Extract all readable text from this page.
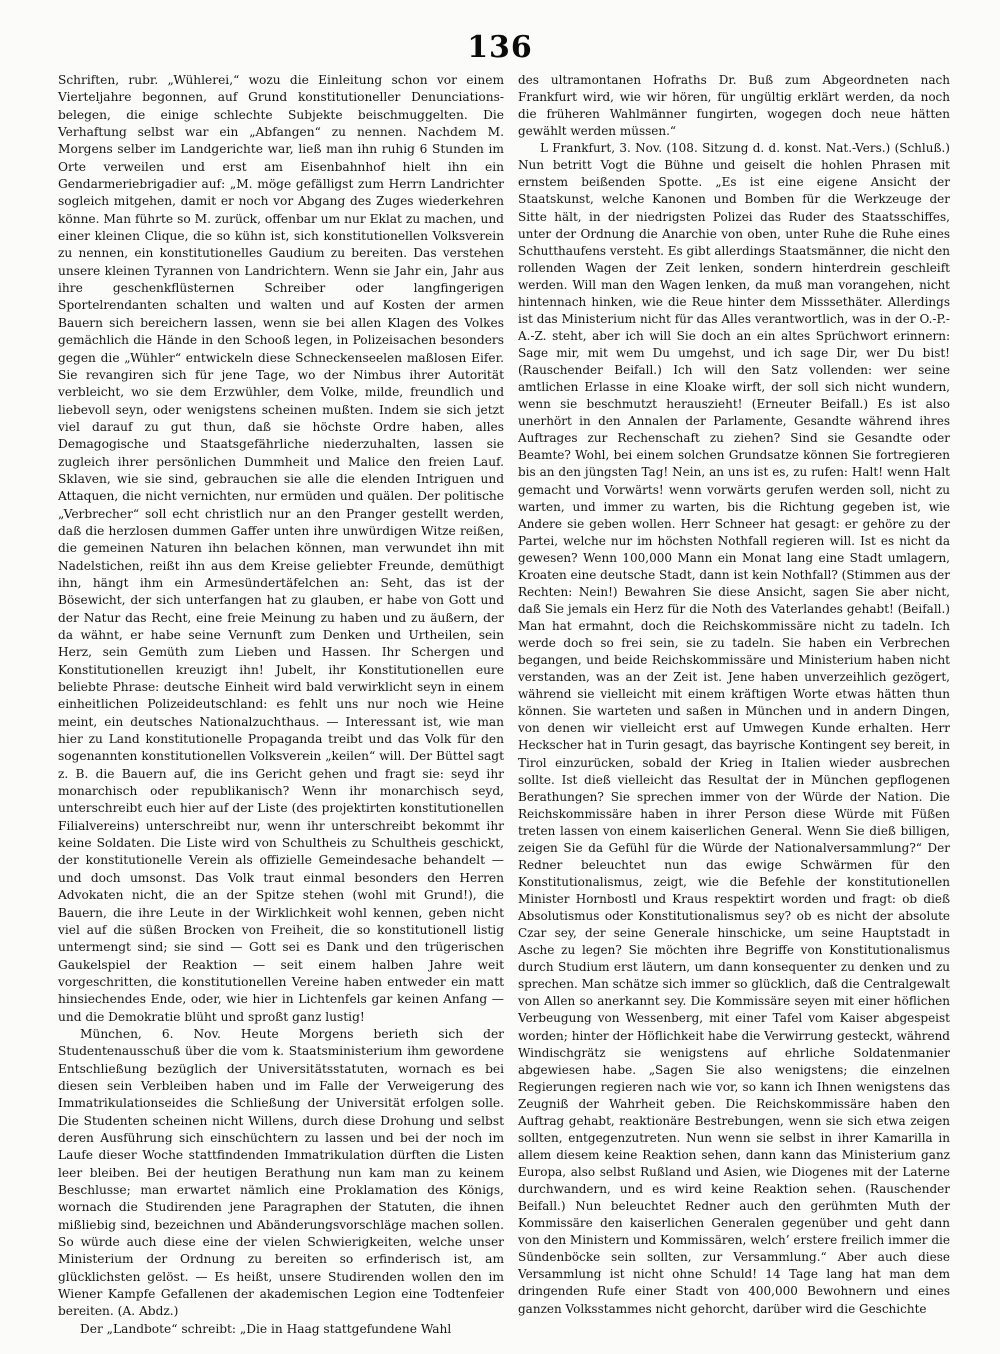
136

Schriften, rubr. „Wühlerei,“ wozu die Einleitung schon vor einem Vierteljahre begonnen, auf Grund konstitutioneller Denunciations-belegen, die einige schlechte Subjekte beischmuggelten. Die Verhaftung selbst war ein „Abfangen“ zu nennen. Nachdem M. Morgens selber im Landgerichte war, ließ man ihn ruhig 6 Stunden im Orte verweilen und erst am Eisenbahnhof hielt ihn ein Gendarmeriebrigadier auf: „M. möge gefälligst zum Herrn Landrichter sogleich mitgehen, damit er noch vor Abgang des Zuges wiederkehren könne. Man führte so M. zurück, offenbar um nur Eklat zu machen, und einer kleinen Clique, die so kühn ist, sich konstitutionellen Volksverein zu nennen, ein konstitutionelles Gaudium zu bereiten. Das verstehen unsere kleinen Tyrannen von Landrichtern. Wenn sie Jahr ein, Jahr aus ihre geschenkflüsternen Schreiber oder langfingerigen Sportelrendanten schalten und walten und auf Kosten der armen Bauern sich bereichern lassen, wenn sie bei allen Klagen des Volkes gemächlich die Hände in den Schooß legen, in Polizeisachen besonders gegen die „Wühler“ entwickeln diese Schneckenseelen maßlosen Eifer. Sie revangiren sich für jene Tage, wo der Nimbus ihrer Autorität verbleicht, wo sie dem Erzwühler, dem Volke, milde, freundlich und liebevoll seyn, oder wenigstens scheinen mußten. Indem sie sich jetzt viel darauf zu gut thun, daß sie höchste Ordre haben, alles Demagogische und Staatsgefährliche niederzuhalten, lassen sie zugleich ihrer persönlichen Dummheit und Malice den freien Lauf. Sklaven, wie sie sind, gebrauchen sie alle die elenden Intriguen und Attaquen, die nicht vernichten, nur ermüden und quälen. Der politische „Verbrecher“ soll echt christlich nur an den Pranger gestellt werden, daß die herzlosen dummen Gaffer unten ihre unwürdigen Witze reißen, die gemeinen Naturen ihn belachen können, man verwundet ihn mit Nadelstichen, reißt ihn aus dem Kreise geliebter Freunde, demüthigt ihn, hängt ihm ein Armesündertäfelchen an: Seht, das ist der Bösewicht, der sich unterfangen hat zu glauben, er habe von Gott und der Natur das Recht, eine freie Meinung zu haben und zu äußern, der da wähnt, er habe seine Vernunft zum Denken und Urtheilen, sein Herz, sein Gemüth zum Lieben und Hassen. Ihr Schergen und Konstitutionellen kreuzigt ihn! Jubelt, ihr Konstitutionellen eure beliebte Phrase: deutsche Einheit wird bald verwirklicht seyn in einem einheitlichen Polizeideutschland: es fehlt uns nur noch wie Heine meint, ein deutsches Nationalzuchthaus. — Interessant ist, wie man hier zu Land konstitutionelle Propaganda treibt und das Volk für den sogenannten konstitutionellen Volksverein „keilen“ will. Der Büttel sagt z. B. die Bauern auf, die ins Gericht gehen und fragt sie: seyd ihr monarchisch oder republikanisch? Wenn ihr monarchisch seyd, unterschreibt euch hier auf der Liste (des projektirten konstitutionellen Filialvereins) unterschreibt nur, wenn ihr unterschreibt bekommt ihr keine Soldaten. Die Liste wird von Schultheis zu Schultheis geschickt, der konstitutionelle Verein als offizielle Gemeindesache behandelt — und doch umsonst. Das Volk traut einmal besonders den Herren Advokaten nicht, die an der Spitze stehen (wohl mit Grund!), die Bauern, die ihre Leute in der Wirklichkeit wohl kennen, geben nicht viel auf die süßen Brocken von Freiheit, die so konstitutionell listig untermengt sind; sie sind — Gott sei es Dank und den trügerischen Gaukelspiel der Reaktion — seit einem halben Jahre weit vorgeschritten, die konstitutionellen Vereine haben entweder ein matt hinsiechendes Ende, oder, wie hier in Lichtenfels gar keinen Anfang — und die Demokratie blüht und sproßt ganz lustig!

München, 6. Nov. Heute Morgens berieth sich der Studentenausschuß über die vom k. Staatsministerium ihm gewordene Entschließung bezüglich der Universitätsstatuten, wornach es bei diesen sein Verbleiben haben und im Falle der Verweigerung des Immatrikulationseides die Schließung der Universität erfolgen solle. Die Studenten scheinen nicht Willens, durch diese Drohung und selbst deren Ausführung sich einschüchtern zu lassen und bei der noch im Laufe dieser Woche stattfindenden Immatrikulation dürften die Listen leer bleiben. Bei der heutigen Berathung nun kam man zu keinem Beschlusse; man erwartet nämlich eine Proklamation des Königs, wornach die Studirenden jene Paragraphen der Statuten, die ihnen mißliebig sind, bezeichnen und Abänderungsvorschläge machen sollen. So würde auch diese eine der vielen Schwierigkeiten, welche unser Ministerium der Ordnung zu bereiten so erfinderisch ist, am glücklichsten gelöst. — Es heißt, unsere Studirenden wollen den im Wiener Kampfe Gefallenen der akademischen Legion eine Todtenfeier bereiten. (A. Abdz.)

Der „Landbote“ schreibt: „Die in Haag stattgefundene Wahl

des ultramontanen Hofraths Dr. Buß zum Abgeordneten nach Frankfurt wird, wie wir hören, für ungültig erklärt werden, da noch die früheren Wahlmänner fungirten, wogegen doch neue hätten gewählt werden müssen.“

L Frankfurt, 3. Nov. (108. Sitzung d. d. konst. Nat.-Vers.) (Schluß.) Nun betritt Vogt die Bühne und geiselt die hohlen Phrasen mit ernstem beißenden Spotte. „Es ist eine eigene Ansicht der Staatskunst, welche Kanonen und Bomben für die Werkzeuge der Sitte hält, in der niedrigsten Polizei das Ruder des Staatsschiffes, unter der Ordnung die Anarchie von oben, unter Ruhe die Ruhe eines Schutthaufens versteht. Es gibt allerdings Staatsmänner, die nicht den rollenden Wagen der Zeit lenken, sondern hinterdrein geschleift werden. Will man den Wagen lenken, da muß man vorangehen, nicht hintennach hinken, wie die Reue hinter dem Misssethäter. Allerdings ist das Ministerium nicht für das Alles verantwortlich, was in der O.-P.-A.-Z. steht, aber ich will Sie doch an ein altes Sprüchwort erinnern: Sage mir, mit wem Du umgehst, und ich sage Dir, wer Du bist! (Rauschender Beifall.) Ich will den Satz vollenden: wer seine amtlichen Erlasse in eine Kloake wirft, der soll sich nicht wundern, wenn sie beschmutzt herauszieht! (Erneuter Beifall.) Es ist also unerhört in den Annalen der Parlamente, Gesandte während ihres Auftrages zur Rechenschaft zu ziehen? Sind sie Gesandte oder Beamte? Wohl, bei einem solchen Grundsatze können Sie fortregieren bis an den jüngsten Tag! Nein, an uns ist es, zu rufen: Halt! wenn Halt gemacht und Vorwärts! wenn vorwärts gerufen werden soll, nicht zu warten, und immer zu warten, bis die Richtung gegeben ist, wie Andere sie geben wollen. Herr Schneer hat gesagt: er gehöre zu der Partei, welche nur im höchsten Nothfall regieren will. Ist es nicht da gewesen? Wenn 100,000 Mann ein Monat lang eine Stadt umlagern, Kroaten eine deutsche Stadt, dann ist kein Nothfall? (Stimmen aus der Rechten: Nein!) Bewahren Sie diese Ansicht, sagen Sie aber nicht, daß Sie jemals ein Herz für die Noth des Vaterlandes gehabt! (Beifall.) Man hat ermahnt, doch die Reichskommissäre nicht zu tadeln. Ich werde doch so frei sein, sie zu tadeln. Sie haben ein Verbrechen begangen, und beide Reichskommissäre und Ministerium haben nicht verstanden, was an der Zeit ist. Jene haben unverzeihlich gezögert, während sie vielleicht mit einem kräftigen Worte etwas hätten thun können. Sie warteten und saßen in München und in andern Dingen, von denen wir vielleicht erst auf Umwegen Kunde erhalten. Herr Heckscher hat in Turin gesagt, das bayrische Kontingent sey bereit, in Tirol einzurücken, sobald der Krieg in Italien wieder ausbrechen sollte. Ist dieß vielleicht das Resultat der in München gepflogenen Berathungen? Sie sprechen immer von der Würde der Nation. Die Reichskommissäre haben in ihrer Person diese Würde mit Füßen treten lassen von einem kaiserlichen General. Wenn Sie dieß billigen, zeigen Sie da Gefühl für die Würde der Nationalversammlung?“ Der Redner beleuchtet nun das ewige Schwärmen für den Konstitutionalismus, zeigt, wie die Befehle der konstitutionellen Minister Hornbostl und Kraus respektirt worden und fragt: ob dieß Absolutismus oder Konstitutionalismus sey? ob es nicht der absolute Czar sey, der seine Generale hinschicke, um seine Hauptstadt in Asche zu legen? Sie möchten ihre Begriffe von Konstitutionalismus durch Studium erst läutern, um dann konsequenter zu denken und zu sprechen. Man schätze sich immer so glücklich, daß die Centralgewalt von Allen so anerkannt sey. Die Kommissäre seyen mit einer höflichen Verbeugung von Wessenberg, mit einer Tafel vom Kaiser abgespeist worden; hinter der Höflichkeit habe die Verwirrung gesteckt, während Windischgrätz sie wenigstens auf ehrliche Soldatenmanier abgewiesen habe. „Sagen Sie also wenigstens; die einzelnen Regierungen regieren nach wie vor, so kann ich Ihnen wenigstens das Zeugniß der Wahrheit geben. Die Reichskommissäre haben den Auftrag gehabt, reaktionäre Bestrebungen, wenn sie sich etwa zeigen sollten, entgegenzutreten. Nun wenn sie selbst in ihrer Kamarilla in allem diesem keine Reaktion sehen, dann kann das Ministerium ganz Europa, also selbst Rußland und Asien, wie Diogenes mit der Laterne durchwandern, und es wird keine Reaktion sehen. (Rauschender Beifall.) Nun beleuchtet Redner auch den gerühmten Muth der Kommissäre den kaiserlichen Generalen gegenüber und geht dann von den Ministern und Kommissären, welch’ erstere freilich immer die Sündenböcke sein sollten, zur Versammlung.“ Aber auch diese Versammlung ist nicht ohne Schuld! 14 Tage lang hat man dem dringenden Rufe einer Stadt von 400,000 Bewohnern und eines ganzen Volksstammes nicht gehorcht, darüber wird die Geschichte
